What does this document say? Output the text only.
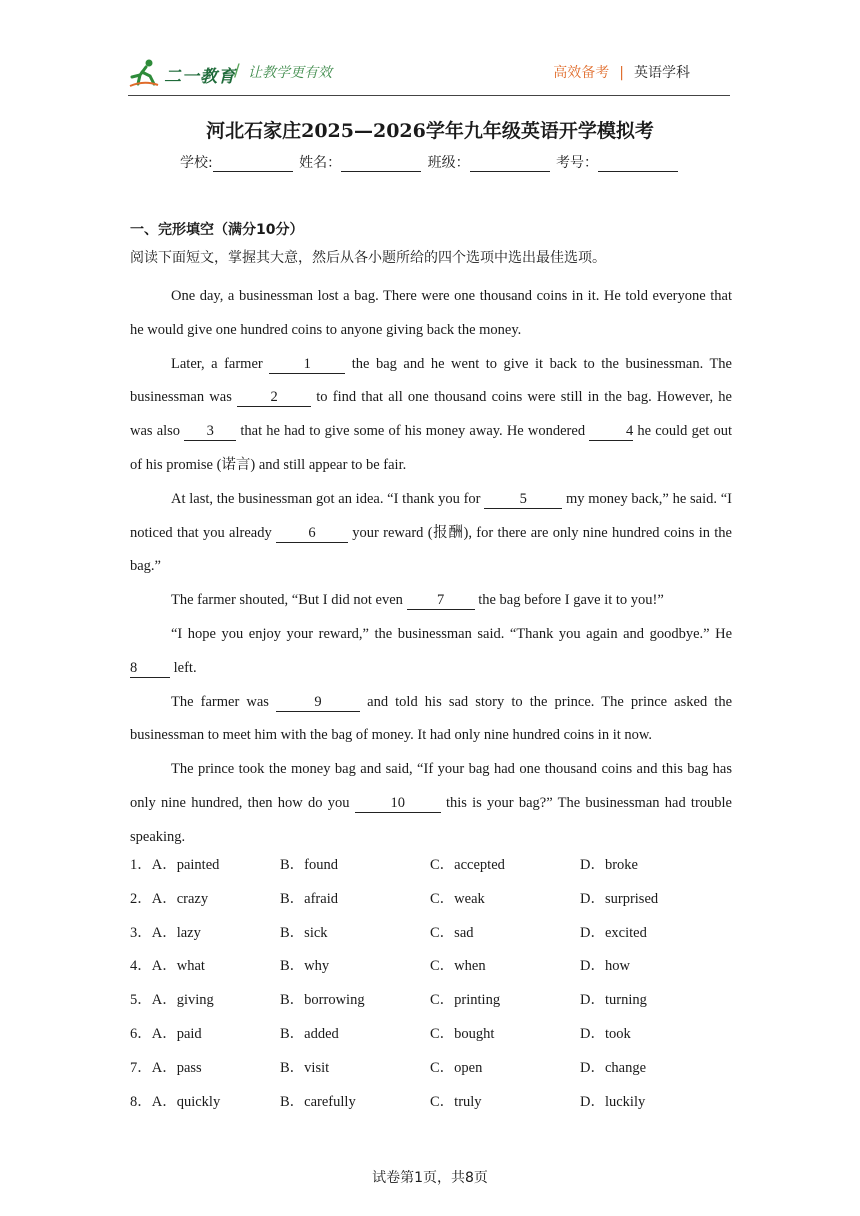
二一教育
/ 让教学更有效	高效备考 | 英语学科
河北石家庄2025—2026学年九年级英语开学模拟考
学校:	姓名：	班级：	考号：
一、完形填空（满分10分）
阅读下面短文，掌握其大意，然后从各小题所给的四个选项中选出最佳选项。

One day, a businessman lost a bag. There were one thousand coins in it. He told everyone that he would give one hundred coins to anyone giving back the money.

Later, a farmer 1 the bag and he went to give it back to the businessman. The businessman was 2 to find that all one thousand coins were still in the bag. However, he was also 3 that he had to give some of his money away. He wondered	4 he could get out of his promise (诺言) and still appear to be fair.

At last, the businessman got an idea. “I thank you for 5 my money back,” he said. “I noticed that you already 6 your reward (报酬), for there are only nine hundred coins in the bag.”

The farmer shouted, “But I did not even 7 the bag before I gave it to you!”

“I hope you enjoy your reward,” the businessman said. “Thank you again and goodbye.” He 8 left.

The farmer was	9	and told his sad story to the prince. The prince asked the businessman to meet him with the bag of money. It had only nine hundred coins in it now.

The prince took the money bag and said, “If your bag had one thousand coins and this bag has only nine hundred, then how do you 10 this is your bag?” The businessman had trouble speaking.

1．A．painted	B．found	C．accepted	D．broke
2．A．crazy	B．afraid	C．weak	D．surprised
3．A．lazy	B．sick	C．sad	D．excited
4．A．what	B．why	C．when	D．how
5．A．giving	B．borrowing	C．printing	D．turning
6．A．paid	B．added	C．bought	D．took
7．A．pass	B．visit	C．open	D．change
8．A．quickly	B．carefully	C．truly	D．luckily
试卷第1页，共8页
